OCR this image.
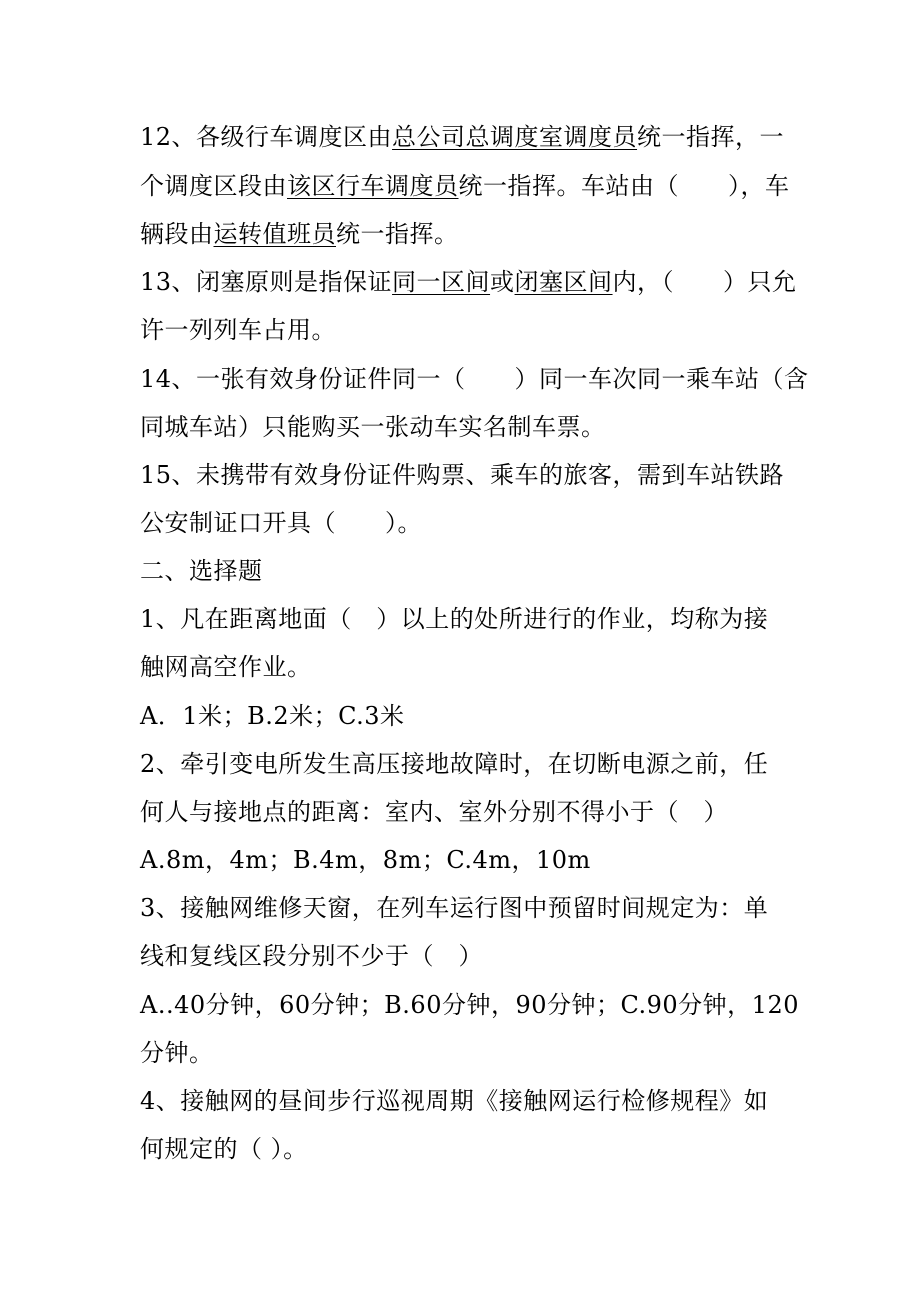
12、各级行车调度区由总公司总调度室调度员统一指挥，一
个调度区段由该区行车调度员统一指挥。车站由（　　），车
辆段由运转值班员统一指挥。
13、闭塞原则是指保证同一区间或闭塞区间内，（　　）只允
许一列列车占用。
14、一张有效身份证件同一（　　）同一车次同一乘车站（含
同城车站）只能购买一张动车实名制车票。
15、未携带有效身份证件购票、乘车的旅客，需到车站铁路
公安制证口开具（　　）。
二、选择题
1、凡在距离地面（　）以上的处所进行的作业，均称为接
触网高空作业。
A．1米；B.2米；C.3米
2、牵引变电所发生高压接地故障时，在切断电源之前，任
何人与接地点的距离：室内、室外分别不得小于（　）
A.8m，4m；B.4m，8m；C.4m，10m
3、接触网维修天窗，在列车运行图中预留时间规定为：单
线和复线区段分别不少于（　）
A..40分钟，60分钟；B.60分钟，90分钟；C.90分钟，120
分钟。
4、接触网的昼间步行巡视周期《接触网运行检修规程》如
何规定的（ ）。
